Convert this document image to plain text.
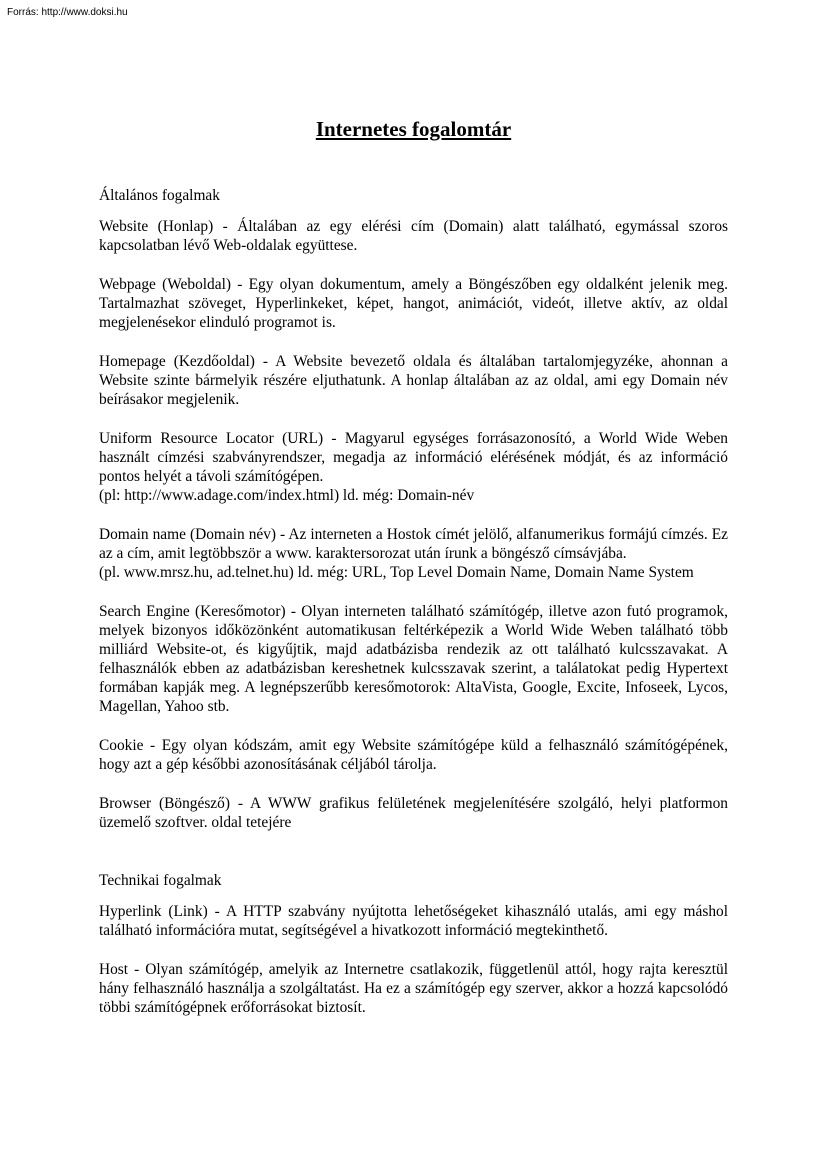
Forrás: http://www.doksi.hu
Internetes fogalomtár

Általános fogalmak

Website (Honlap) - Általában az egy elérési cím (Domain) alatt található, egymással szoros kapcsolatban lévő Web-oldalak együttese.

Webpage (Weboldal) - Egy olyan dokumentum, amely a Böngészőben egy oldalként jelenik meg. Tartalmazhat szöveget, Hyperlinkeket, képet, hangot, animációt, videót, illetve aktív, az oldal megjelenésekor elinduló programot is.

Homepage (Kezdőoldal) - A Website bevezető oldala és általában tartalomjegyzéke, ahonnan a Website szinte bármelyik részére eljuthatunk. A honlap általában az az oldal, ami egy Domain név beírásakor megjelenik.

Uniform Resource Locator (URL) - Magyarul egységes forrásazonosító, a World Wide Weben használt címzési szabványrendszer, megadja az információ elérésének módját, és az információ pontos helyét a távoli számítógépen.
(pl: http://www.adage.com/index.html) ld. még: Domain-név

Domain name (Domain név) - Az interneten a Hostok címét jelölő, alfanumerikus formájú címzés. Ez az a cím, amit legtöbbször a www. karaktersorozat után írunk a böngésző címsávjába.
(pl. www.mrsz.hu, ad.telnet.hu) ld. még: URL, Top Level Domain Name, Domain Name System

Search Engine (Keresőmotor) - Olyan interneten található számítógép, illetve azon futó programok, melyek bizonyos időközönként automatikusan feltérképezik a World Wide Weben található több milliárd Website-ot, és kigyűjtik, majd adatbázisba rendezik az ott található kulcsszavakat. A felhasználók ebben az adatbázisban kereshetnek kulcsszavak szerint, a találatokat pedig Hypertext formában kapják meg. A legnépszerűbb keresőmotorok: AltaVista, Google, Excite, Infoseek, Lycos, Magellan, Yahoo stb.

Cookie - Egy olyan kódszám, amit egy Website számítógépe küld a felhasználó számítógépének, hogy azt a gép későbbi azonosításának céljából tárolja.

Browser (Böngésző) - A WWW grafikus felületének megjelenítésére szolgáló, helyi platformon üzemelő szoftver. oldal tetejére

Technikai fogalmak

Hyperlink (Link) - A HTTP szabvány nyújtotta lehetőségeket kihasználó utalás, ami egy máshol található információra mutat, segítségével a hivatkozott információ megtekinthető.

Host - Olyan számítógép, amelyik az Internetre csatlakozik, függetlenül attól, hogy rajta keresztül hány felhasználó használja a szolgáltatást. Ha ez a számítógép egy szerver, akkor a hozzá kapcsolódó többi számítógépnek erőforrásokat biztosít.
